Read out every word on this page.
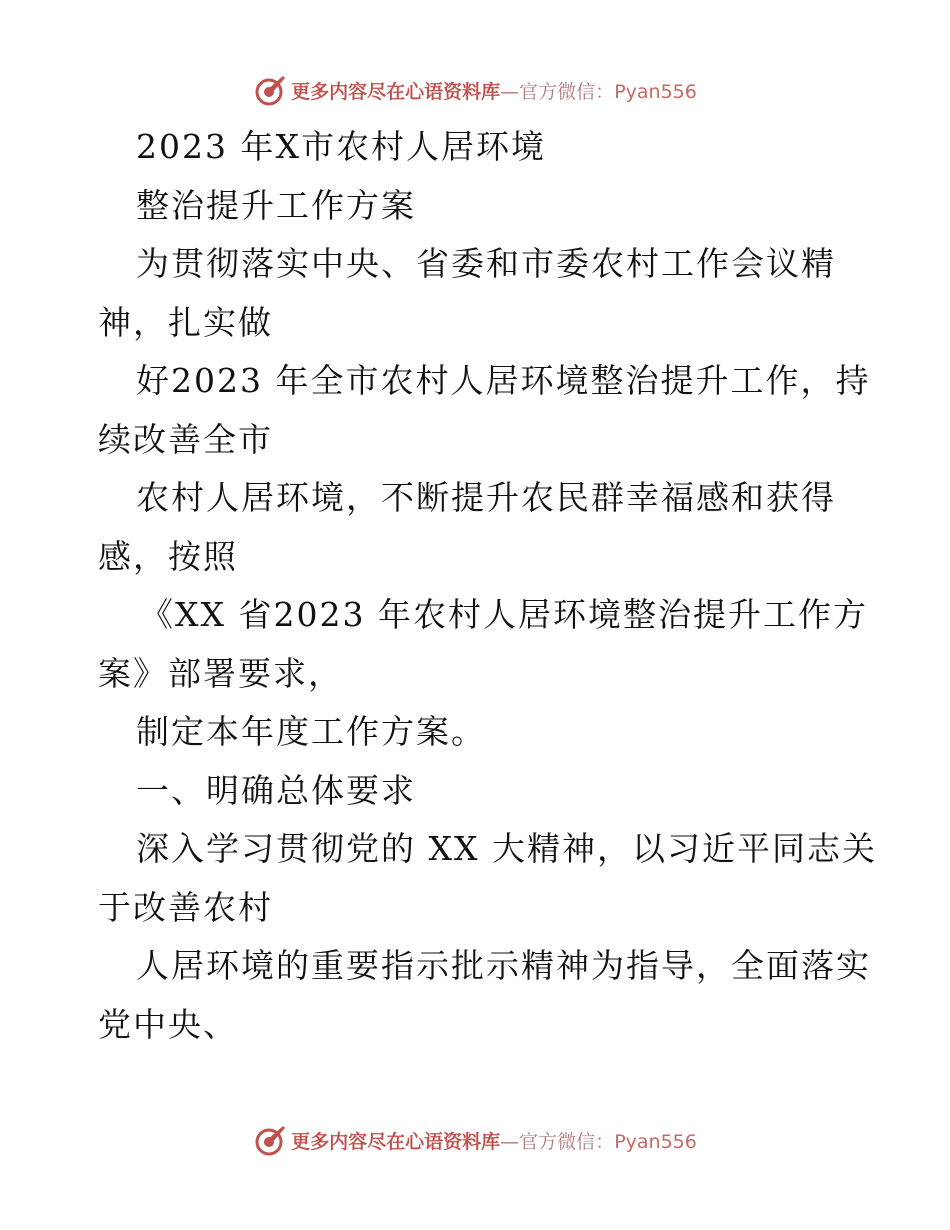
更多内容尽在心语资料库—官方微信：Pyan556
2023 年X市农村人居环境
整治提升工作方案
为贯彻落实中央、省委和市委农村工作会议精
神，扎实做
好2023 年全市农村人居环境整治提升工作，持
续改善全市
农村人居环境，不断提升农民群幸福感和获得
感，按照
《XX 省2023 年农村人居环境整治提升工作方
案》部署要求，
制定本年度工作方案。
一、明确总体要求
深入学习贯彻党的 XX 大精神，以习近平同志关
于改善农村
人居环境的重要指示批示精神为指导，全面落实
党中央、
更多内容尽在心语资料库—官方微信：Pyan556
